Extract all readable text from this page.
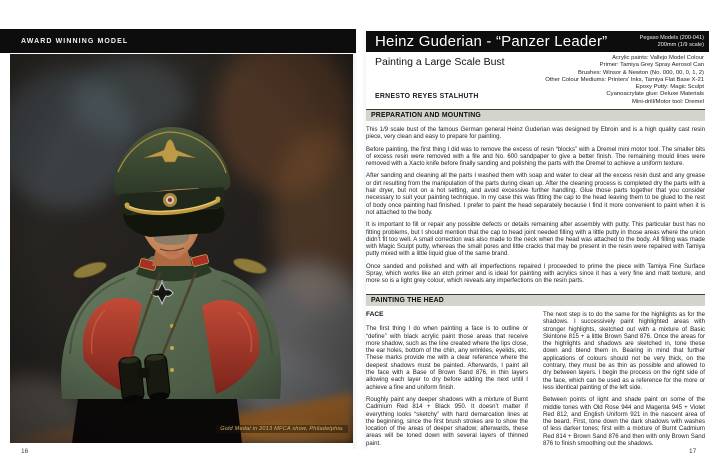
AWARD WINNING MODEL
Gold Medal in 2013 MFCA show, Philadelphia.
16
Heinz Guderian - “Panzer Leader”	Pegaso Models (200-041)
200mm (1/9 scale)
Painting a Large Scale Bust	Acrylic paints: Vallejo Model Colour
Primer: Tamiya Grey Spray Aerosol Can
Brushes: Winsor & Newton (No. 000, 00, 0, 1, 2)
Other Colour Mediums: Printers’ Inks, Tamiya Flat Base X-21
Epoxy Putty: Magic Sculpt
Cyanoacrylate glue: Deluxe Materials
Mini-drill/Motor tool: Dremel
ERNESTO REYES STALHUTH
PREPARATION AND MOUNTING

This 1/9 scale bust of the famous German general Heinz Guderian was designed by Ebroin and is a high quality cast resin piece, very clean and easy to prepare for painting.

Before painting, the first thing I did was to remove the excess of resin “blocks” with a Dremel mini motor tool. The smaller bits of excess resin were removed with a file and No. 600 sandpaper to give a better finish. The remaining mould lines were removed with a Xacto knife before finally sanding and polishing the parts with the Dremel to achieve a uniform texture.

After sanding and cleaning all the parts I washed them with soap and water to clear all the excess resin dust and any grease or dirt resulting from the manipulation of the parts during clean up. After the cleaning process is completed dry the parts with a hair dryer, but not on a hot setting, and avoid excessive further handling. Glue those parts together that you consider necessary to suit your painting technique. In my case this was fitting the cap to the head leaving them to be glued to the rest of body once painting had finished. I prefer to paint the head separately because I find it more convenient to paint when it is not attached to the body.

It is important to fill or repair any possible defects or details remaining after assembly with putty. This particular bust has no fitting problems, but I should mention that the cap to head joint needed filling with a little putty in those areas where the union didn’t fit too well. A small correction was also made to the neck when the head was attached to the body. All filling was made with Magic Sculpt putty, whereas the small pores and little cracks that may be present in the resin were repaired with Tamiya putty mixed with a little liquid glue of the same brand.

Once sanded and polished and with all imperfections repaired I proceeded to prime the piece with Tamiya Fine Surface Spray, which works like an etch primer and is ideal for painting with acrylics since it has a very fine and matt texture, and more so is a light grey colour, which reveals any imperfections on the resin parts.

PAINTING THE HEAD
FACE

The first thing I do when painting a face is to outline or “define” with black acrylic paint those areas that receive more shadow, such as the line created where the lips close, the ear holes, bottom of the chin, any wrinkles, eyelids, etc. These marks provide me with a clear reference where the deepest shadows must be painted. Afterwards, I paint all the face with a Base of Brown Sand 876, in thin layers allowing each layer to dry before adding the next until I achieve a fine and uniform finish.

Roughly paint any deeper shadows with a mixture of Burnt Cadmium Red 814 + Black 950. It doesn’t matter if everything looks “sketchy” with hard demarcation lines at the beginning, since the first brush strokes are to show the location of the areas of deeper shadow; afterwards, these areas will be toned down with several layers of thinned paint.

The next step is to do the same for the highlights as for the shadows. I successively paint highlighted areas with stronger highlights, sketched out with a mixture of Basic Skintone 815 + a little Brown Sand 876. Once the areas for the highlights and shadows are sketched in, tone these down and blend them in. Bearing in mind that further applications of colours should not be very thick, on the contrary, they must be as thin as possible and allowed to dry between layers. I begin the process on the right side of the face, which can be used as a reference for the more or less identical painting of the left side.

Between points of light and shade paint on some of the middle tones with Old Rose 944 and Magenta 945 + Violet Red 812, and English Uniform 921 in the nascent area of the beard. First, tone down the dark shadows with washes of less darker tones; first with a mixture of Burnt Cadmium Red 814 + Brown Sand 876 and then with only Brown Sand 876 to finish smoothing out the shadows.

17
